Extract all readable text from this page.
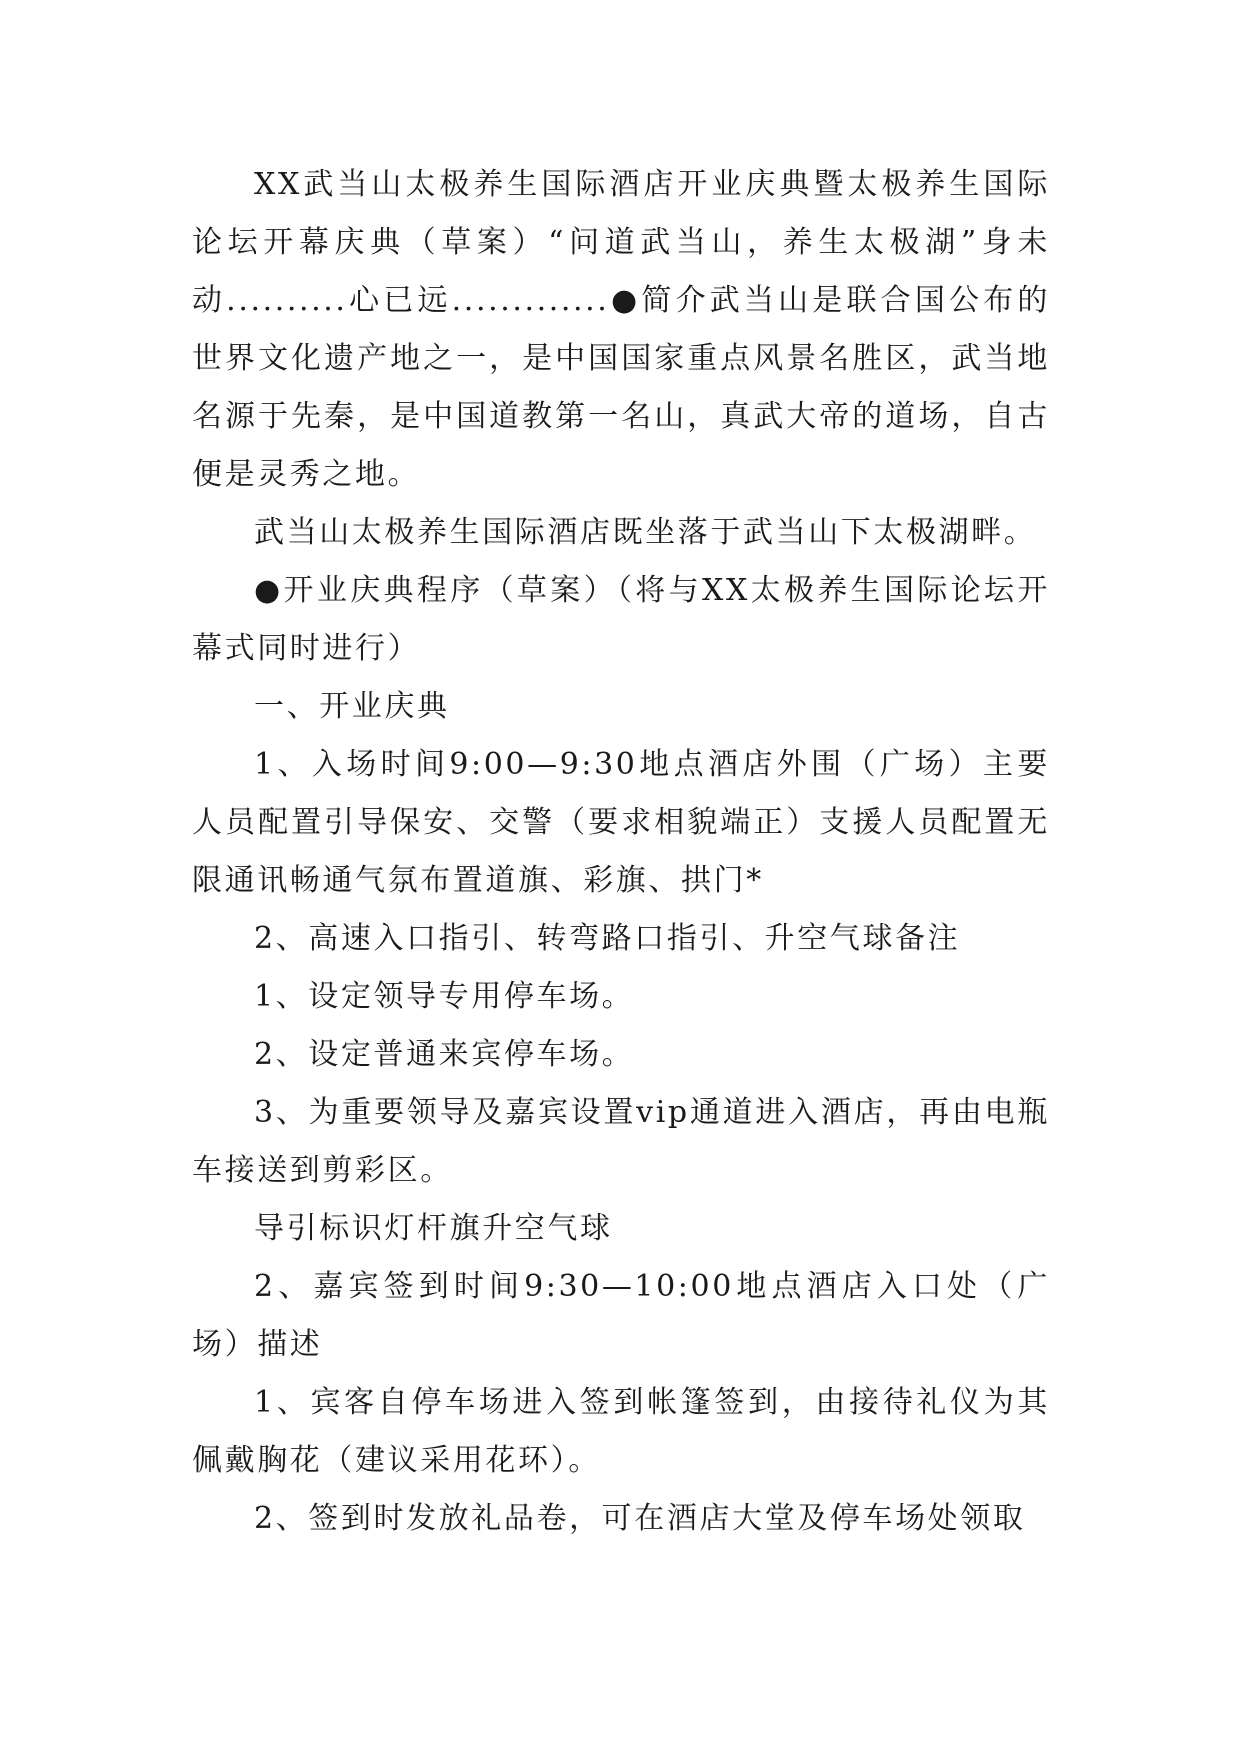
XX武当山太极养生国际酒店开业庆典暨太极养生国际论坛开幕庆典（草案）“问道武当山，养生太极湖”身未动..........心已远.............●简介武当山是联合国公布的世界文化遗产地之一，是中国国家重点风景名胜区，武当地名源于先秦，是中国道教第一名山，真武大帝的道场，自古便是灵秀之地。

武当山太极养生国际酒店既坐落于武当山下太极湖畔。

●开业庆典程序（草案）（将与XX太极养生国际论坛开幕式同时进行）

一、开业庆典

1、入场时间9:00—9:30地点酒店外围（广场）主要人员配置引导保安、交警（要求相貌端正）支援人员配置无限通讯畅通气氛布置道旗、彩旗、拱门*

2、高速入口指引、转弯路口指引、升空气球备注

1、设定领导专用停车场。

2、设定普通来宾停车场。

3、为重要领导及嘉宾设置vip通道进入酒店，再由电瓶车接送到剪彩区。

导引标识灯杆旗升空气球

2、嘉宾签到时间9:30—10:00地点酒店入口处（广场）描述

1、宾客自停车场进入签到帐篷签到，由接待礼仪为其佩戴胸花（建议采用花环）。

2、签到时发放礼品卷，可在酒店大堂及停车场处领取
